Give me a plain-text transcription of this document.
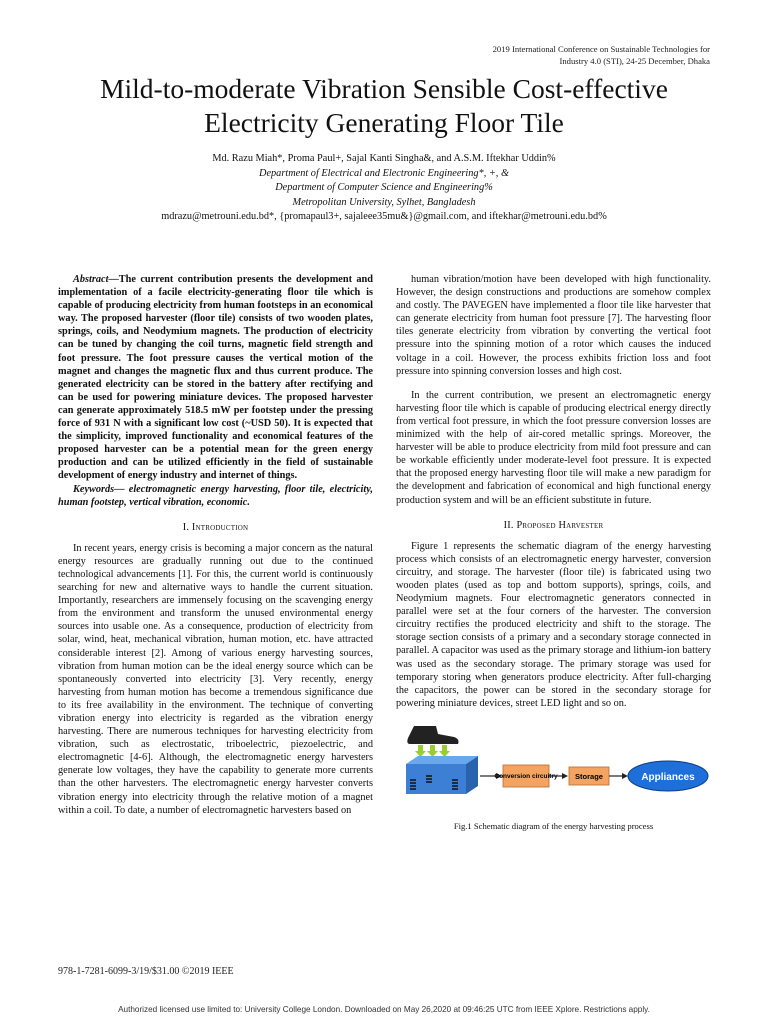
2019 International Conference on Sustainable Technologies for
Industry 4.0 (STI), 24-25 December, Dhaka
Mild-to-moderate Vibration Sensible Cost-effective
Electricity Generating Floor Tile
Md. Razu Miah*, Proma Paul+, Sajal Kanti Singha&, and A.S.M. Iftekhar Uddin%
Department of Electrical and Electronic Engineering*, +, &
Department of Computer Science and Engineering%
Metropolitan University, Sylhet, Bangladesh
mdrazu@metrouni.edu.bd*, {promapaul3+, sajaleee35mu&}@gmail.com, and iftekhar@metrouni.edu.bd%

Abstract—The current contribution presents the development and implementation of a facile electricity-generating floor tile which is capable of producing electricity from human footsteps in an economical way. The proposed harvester (floor tile) consists of two wooden plates, springs, coils, and Neodymium magnets. The production of electricity can be tuned by changing the coil turns, magnetic field strength and foot pressure. The foot pressure causes the vertical motion of the magnet and changes the magnetic flux and thus current produce. The generated electricity can be stored in the battery after rectifying and can be used for powering miniature devices. The proposed harvester can generate approximately 518.5 mW per footstep under the pressing force of 931 N with a significant low cost (~USD 50). It is expected that the simplicity, improved functionality and economical features of the proposed harvester can be a potential mean for the green energy production and can be utilized efficiently in the field of sustainable development of energy industry and internet of things.

Keywords— electromagnetic energy harvesting, floor tile, electricity, human footstep, vertical vibration, economic.

I. Introduction

In recent years, energy crisis is becoming a major concern as the natural energy resources are gradually running out due to the continued technological advancements [1]. For this, the current world is continuously searching for new and alternative ways to handle the current situation. Importantly, researchers are immensely focusing on the scavenging energy from the environment and transform the unused environmental energy sources into usable one. As a consequence, production of electricity from solar, wind, heat, mechanical vibration, human motion, etc. have attracted considerable interest [2]. Among of various energy harvesting sources, vibration from human motion can be the ideal energy source which can be spontaneously converted into electricity [3]. Very recently, energy harvesting from human motion has become a tremendous significance due to its free availability in the environment. The technique of converting vibration energy into electricity is regarded as the vibration energy harvesting. There are numerous techniques for harvesting electricity from vibration, such as electrostatic, triboelectric, piezoelectric, and electromagnetic [4-6]. Although, the electromagnetic energy harvesters generate low voltages, they have the capability to generate more currents than the other harvesters. The electromagnetic energy harvester converts vibration energy into electricity through the relative motion of a magnet within a coil. To date, a number of electromagnetic harvesters based on

human vibration/motion have been developed with high functionality. However, the design constructions and productions are somehow complex and costly. The PAVEGEN have implemented a floor tile like harvester that can generate electricity from human foot pressure [7]. The harvesting floor tiles generate electricity from vibration by converting the vertical foot pressure into the spinning motion of a rotor which causes the induced voltage in a coil. However, the process exhibits friction loss and foot pressure into spinning conversion losses and high cost.

In the current contribution, we present an electromagnetic energy harvesting floor tile which is capable of producing electrical energy directly from vertical foot pressure, in which the foot pressure conversion losses are minimized with the help of air-cored metallic springs. Moreover, the harvester will be able to produce electricity from mild foot pressure and can be workable efficiently under moderate-level foot pressure. It is expected that the proposed energy harvesting floor tile will make a new paradigm for the development and fabrication of economical and high functional energy production system and will be an efficient substitute in future.

II. Proposed Harvester

Figure 1 represents the schematic diagram of the energy harvesting process which consists of an electromagnetic energy harvester, conversion circuitry, and storage. The harvester (floor tile) is fabricated using two wooden plates (used as top and bottom supports), springs, coils, and Neodymium magnets. Four electromagnetic generators connected in parallel were set at the four corners of the harvester. The conversion circuitry rectifies the produced electricity and shift to the storage. The storage section consists of a primary and a secondary storage connected in parallel. A capacitor was used as the primary storage and lithium-ion battery was used as the secondary storage. The primary storage was used for temporary storing when generators produce electricity. After full-charging the capacitors, the power can be stored in the secondary storage for powering miniature devices, street LED light and so on.

Conversion circuitry Storage	Appliances

Fig.1 Schematic diagram of the energy harvesting process

978-1-7281-6099-3/19/$31.00 ©2019 IEEE
Authorized licensed use limited to: University College London. Downloaded on May 26,2020 at 09:46:25 UTC from IEEE Xplore. Restrictions apply.
